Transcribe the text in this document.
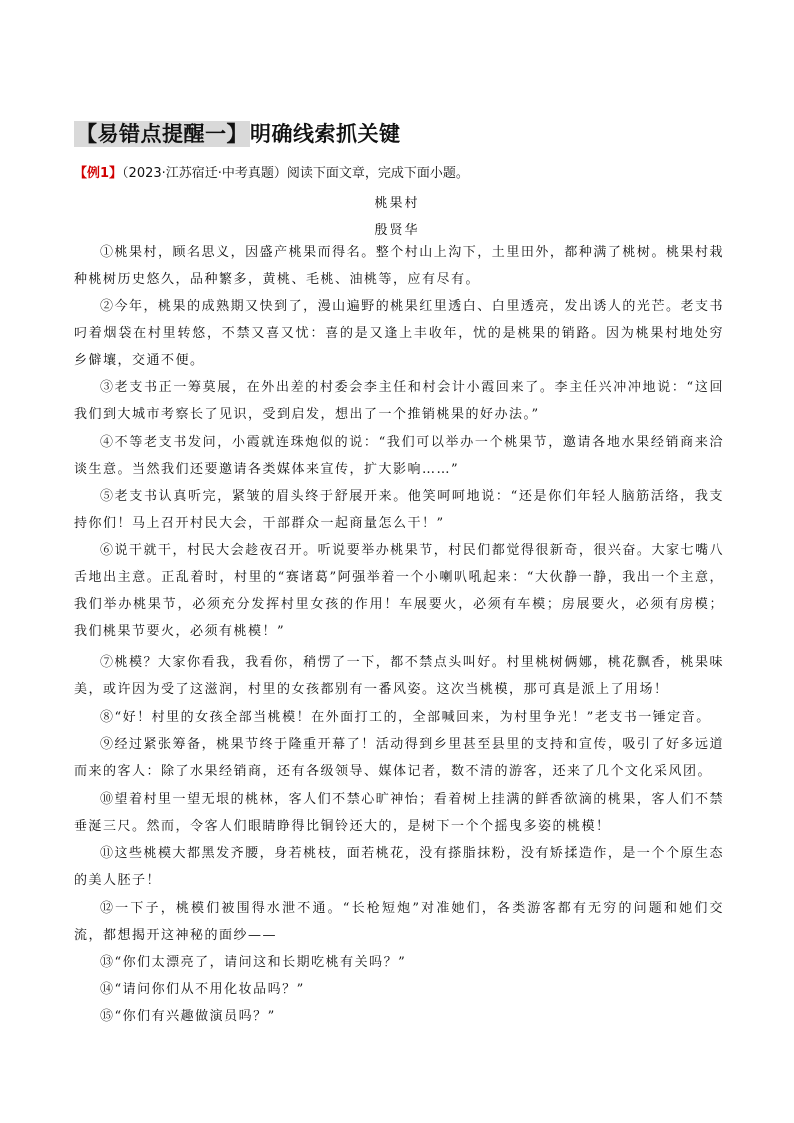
【易错点提醒一】明确线索抓关键
【例1】（2023·江苏宿迁·中考真题）阅读下面文章，完成下面小题。
桃果村
殷贤华

①桃果村，顾名思义，因盛产桃果而得名。整个村山上沟下，土里田外，都种满了桃树。桃果村栽种桃树历史悠久，品种繁多，黄桃、毛桃、油桃等，应有尽有。

②今年，桃果的成熟期又快到了，漫山遍野的桃果红里透白、白里透亮，发出诱人的光芒。老支书叼着烟袋在村里转悠，不禁又喜又忧：喜的是又逢上丰收年，忧的是桃果的销路。因为桃果村地处穷乡僻壤，交通不便。

③老支书正一筹莫展，在外出差的村委会李主任和村会计小霞回来了。李主任兴冲冲地说：“这回我们到大城市考察长了见识，受到启发，想出了一个推销桃果的好办法。”

④不等老支书发问，小霞就连珠炮似的说：“我们可以举办一个桃果节，邀请各地水果经销商来洽谈生意。当然我们还要邀请各类媒体来宣传，扩大影响……”

⑤老支书认真听完，紧皱的眉头终于舒展开来。他笑呵呵地说：“还是你们年轻人脑筋活络，我支持你们！马上召开村民大会，干部群众一起商量怎么干！”

⑥说干就干，村民大会趁夜召开。听说要举办桃果节，村民们都觉得很新奇，很兴奋。大家七嘴八舌地出主意。正乱着时，村里的“赛诸葛”阿强举着一个小喇叭吼起来：“大伙静一静，我出一个主意，我们举办桃果节，必须充分发挥村里女孩的作用！车展要火，必须有车模；房展要火，必须有房模；我们桃果节要火，必须有桃模！”

⑦桃模？大家你看我，我看你，稍愣了一下，都不禁点头叫好。村里桃树俩娜，桃花飘香，桃果味美，或许因为受了这滋润，村里的女孩都别有一番风姿。这次当桃模，那可真是派上了用场！

⑧“好！村里的女孩全部当桃模！在外面打工的，全部喊回来，为村里争光！”老支书一锤定音。

⑨经过紧张筹备，桃果节终于隆重开幕了！活动得到乡里甚至县里的支持和宣传，吸引了好多远道而来的客人：除了水果经销商，还有各级领导、媒体记者，数不清的游客，还来了几个文化采风团。

⑩望着村里一望无垠的桃林，客人们不禁心旷神怡；看着树上挂满的鲜香欲滴的桃果，客人们不禁垂涎三尺。然而，令客人们眼睛睁得比铜铃还大的，是树下一个个摇曳多姿的桃模！

⑪这些桃模大都黑发齐腰，身若桃枝，面若桃花，没有搽脂抹粉，没有矫揉造作，是一个个原生态的美人胚子！

⑫一下子，桃模们被围得水泄不通。“长枪短炮”对准她们，各类游客都有无穷的问题和她们交流，都想揭开这神秘的面纱——

⑬“你们太漂亮了，请问这和长期吃桃有关吗？”

⑭“请问你们从不用化妆品吗？”

⑮“你们有兴趣做演员吗？”
